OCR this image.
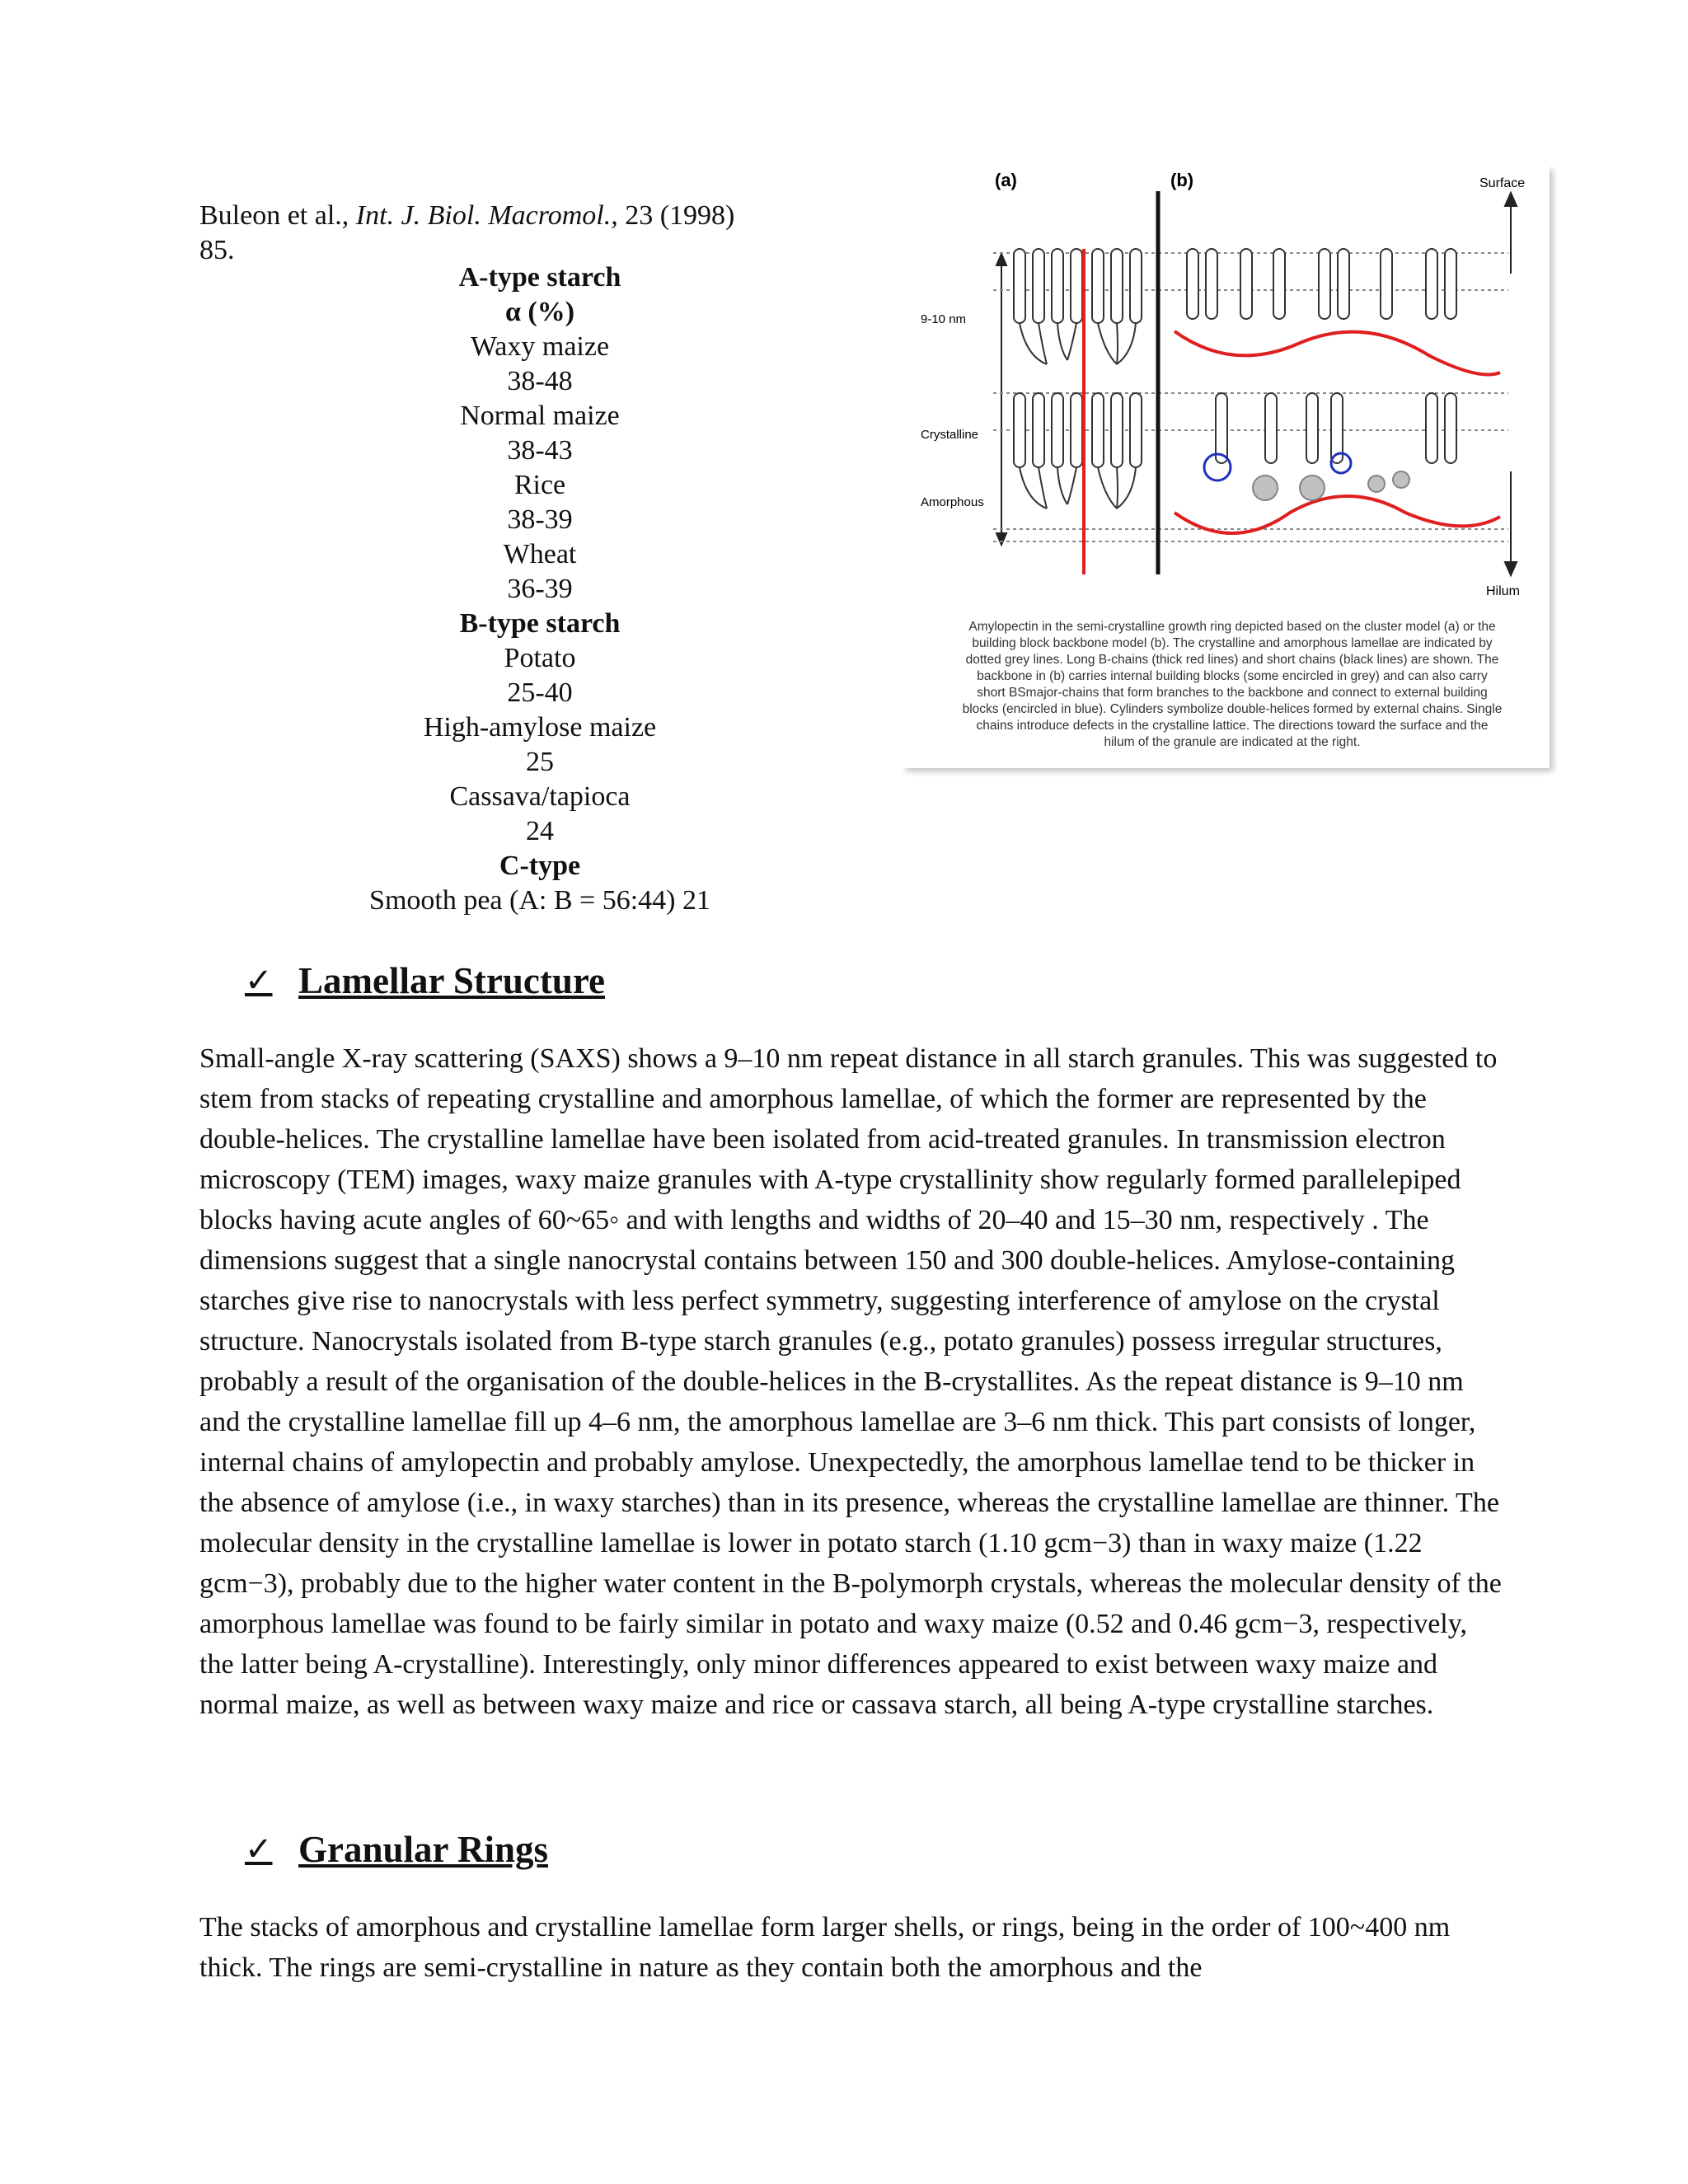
Buleon et al., Int. J. Biol. Macromol., 23 (1998) 85.
A-type starch
α (%)
Waxy maize
38-48
Normal maize
38-43
Rice
38-39
Wheat
36-39
B-type starch
Potato
25-40
High-amylose maize
25
Cassava/tapioca
24
C-type
Smooth pea (A: B = 56:44) 21
(a)	(b)	Surface
Hilum
9-10 nm
Crystalline
Amorphous
Amylopectin in the semi-crystalline growth ring depicted based on the cluster model (a) or the
building block backbone model (b). The crystalline and amorphous lamellae are indicated by
dotted grey lines. Long B-chains (thick red lines) and short chains (black lines) are shown. The
backbone in (b) carries internal building blocks (some encircled in grey) and can also carry
short BSmajor-chains that form branches to the backbone and connect to external building
blocks (encircled in blue). Cylinders symbolize double-helices formed by external chains. Single
chains introduce defects in the crystalline lattice. The directions toward the surface and the
hilum of the granule are indicated at the right.
✓ Lamellar Structure
Small-angle X-ray scattering (SAXS) shows a 9–10 nm repeat distance in all starch granules. This was suggested to stem from stacks of repeating crystalline and amorphous lamellae, of which the former are represented by the double-helices. The crystalline lamellae have been isolated from acid-treated granules. In transmission electron microscopy (TEM) images, waxy maize granules with A-type crystallinity show regularly formed parallelepiped blocks having acute angles of 60~65◦ and with lengths and widths of 20–40 and 15–30 nm, respectively . The dimensions suggest that a single nanocrystal contains between 150 and 300 double-helices. Amylose-containing starches give rise to nanocrystals with less perfect symmetry, suggesting interference of amylose on the crystal structure. Nanocrystals isolated from B-type starch granules (e.g., potato granules) possess irregular structures, probably a result of the organisation of the double-helices in the B-crystallites. As the repeat distance is 9–10 nm and the crystalline lamellae fill up 4–6 nm, the amorphous lamellae are 3–6 nm thick. This part consists of longer, internal chains of amylopectin and probably amylose. Unexpectedly, the amorphous lamellae tend to be thicker in the absence of amylose (i.e., in waxy starches) than in its presence, whereas the crystalline lamellae are thinner. The molecular density in the crystalline lamellae is lower in potato starch (1.10 gcm−3) than in waxy maize (1.22 gcm−3), probably due to the higher water content in the B-polymorph crystals, whereas the molecular density of the amorphous lamellae was found to be fairly similar in potato and waxy maize (0.52 and 0.46 gcm−3, respectively, the latter being A-crystalline). Interestingly, only minor differences appeared to exist between waxy maize and normal maize, as well as between waxy maize and rice or cassava starch, all being A-type crystalline starches.
✓ Granular Rings
The stacks of amorphous and crystalline lamellae form larger shells, or rings, being in the order of 100~400 nm thick. The rings are semi-crystalline in nature as they contain both the amorphous and the
